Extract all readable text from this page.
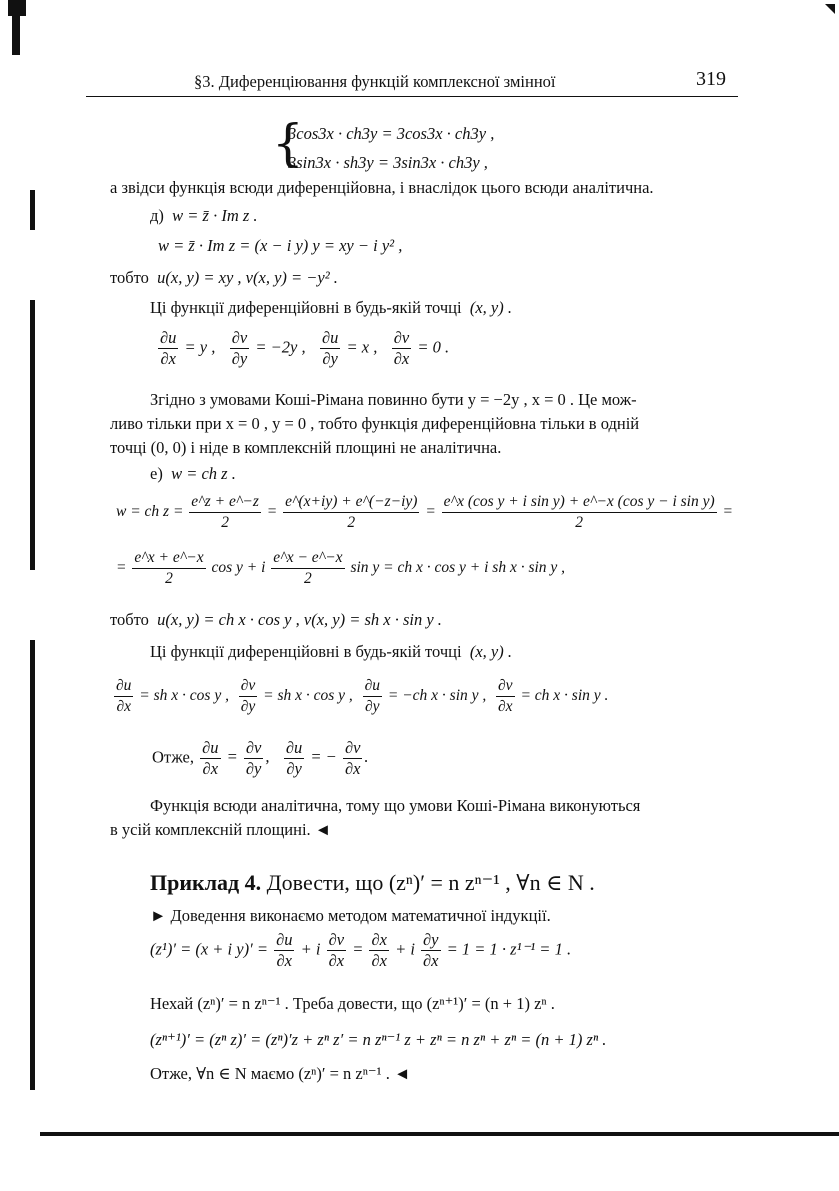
§3. Диференціювання функцій комплексної змінної	319
{
3cos3x · ch3y = 3cos3x · ch3y ,
3sin3x · sh3y = 3sin3x · ch3y ,
а звідси функція всюди диференційовна, і внаслідок цього всюди аналітична.
д) w = z̄ · Im z .
w = z̄ · Im z = (x − i y) y = xy − i y² ,
тобто u(x, y) = xy , v(x, y) = −y² .
Ці функції диференційовні в будь-якій точці (x, y) .
$\frac{\partial u}{\partial x} = y$ , $\frac{\partial v}{\partial y} = -2y$ , $\frac{\partial u}{\partial y} = x$ , $\frac{\partial v}{\partial x} = 0$ .
Згідно з умовами Коші-Рімана повинно бути y = −2y , x = 0 . Це мож-
ливо тільки при x = 0 , y = 0 , тобто функція диференційовна тільки в одній
точці (0, 0) і ніде в комплексній площині не аналітична.
е) w = ch z .
w = ch $z = \frac{e\^{}z + e\^{}-z}{2} = \frac{e\^{}(x+iy) + e\^{}(-z-iy)}{2} = \frac{\text{e\textasciicircum{}x (cos y + i sin y) + e\textasciicircum{}−x (cos y − i sin y)}}{2}$ =
= $\frac{e\^{}x + e\^{}-x}{2}$ cos y + i $\frac{e\^{}x - e\^{}-x}{2}$ sin y = ch x · cos y + i sh x · sin y ,
тобто u(x, y) = ch x · cos y , v(x, y) = sh x · sin y .
Ці функції диференційовні в будь-якій точці (x, y) .
$\frac{\partial u}{\partial x}$ = sh x · cos y , $\frac{\partial v}{\partial y}$ = sh x · cos y , $\frac{\partial u}{\partial y} = -ch$ x · sin y , $\frac{\partial v}{\partial x}$ = ch x · sin y .
Отже, $\frac{\partial u}{\partial x} = \frac{\partial v}{\partial y}$ , $\frac{\partial u}{\partial y}$ = − $\frac{\partial v}{\partial x}$ .
Функція всюди аналітична, тому що умови Коші-Рімана виконуються
в усій комплексній площині. ◄
Приклад 4. Довести, що (zⁿ)′ = n zⁿ⁻¹ , ∀n ∈ N .
► Доведення виконаємо методом математичної індукції.
(z¹)′ = (x + i $y)' = \frac{\partial u}{\partial x} + i \frac{\partial v}{\partial x} = \frac{\partial x}{\partial x} + i \frac{\partial y}{\partial x} = 1 = 1 \cdot z^{1-1} = 1$ .
Нехай (zⁿ)′ = n zⁿ⁻¹ . Треба довести, що (zⁿ⁺¹)′ = (n + 1) zⁿ .
(zⁿ⁺¹)′ = (zⁿ z)′ = (zⁿ)′z + zⁿ z′ = n zⁿ⁻¹ z + zⁿ = n zⁿ + zⁿ = (n + 1) zⁿ .
Отже, ∀n ∈ N маємо (zⁿ)′ = n zⁿ⁻¹ . ◄
